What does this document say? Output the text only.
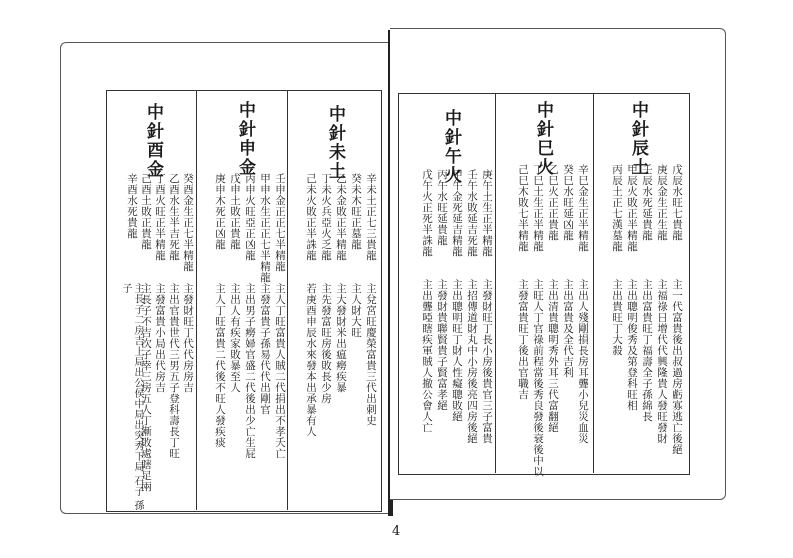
中針未土
辛未土正七三貴龍
癸未木旺正墓龍
乙未金敗正半精龍
丁未火兵亞火乏龍
己未火敗正半誅龍
主兌宮旺慶榮富貴三代出刺史
主人財大旺
主大發財米出瘟癆疾暴
主先發富旺房後敗長少房
若庚酉申辰水來發本出承暴有人
中針申金
壬申金正正七半精龍
甲申水生正正七半精龍
丙申火旺亞正凶龍
戊申土敗正貴龍
庚申木死正凶龍
主人丁旺富貴人賊二代捐出不孝夭亡
主發富貴子孫易代代出剛官
主出男子癆婦官盛二代後出少亡生屁
主出人有疾家敗暴至人
主人丁旺富貴二代後不旺人發疾痰
中針酉金
癸酉金生正七半精龍
乙酉水生半吉死龍
丁酉火旺正半精龍
己酉土敗正貴龍
辛酉水死貴龍
主發財旺丁代代房房吉
主出官貴世代三男五子登科壽長丁旺
主發富貴小局出代房吉
主長子不吉次子幸三房五人丁漸敗處瞎足兩
主長子二房吉上局出公侯中局出突秀下局 石子 孫子
中針辰土
戊辰水旺七貴龍
庚辰金生正生龍
壬辰水死延貴龍
甲辰火敗正半精龍
丙辰土正七漢墓龍
主一代富貴後出叔過房虧寡逃亡後絕
主福祿日增代代興隆貴人發旺發財
主出富貴旺丁福壽全子孫綿長
主出聰明俊秀及第登科旺相
主出貴旺丁大殺
中針巳火
辛巳金生正半精龍
癸巳水旺延凶龍
乙巳火正正貴龍
丁巳土生正半精龍
己巳木敗七半精龍
主出人殘剛損長房耳聾小兒災血災
主出富貴及全代吉利
主出清貴聰明秀外耳三代富翻絕
主旺人丁官祿前程當後秀良發後衰後中以
主發富貴旺丁後出官職吉
中針午火
庚午土生正半精龍
壬午水敗延吉死龍
甲午金死延吉精龍
丙午水旺延貴龍
戊午火正死半誅龍
主發財旺丁長小房後貴官三子富貴
主招傳道財丸中小房後亮四房後絕
主出聰明旺丁財人性癡聰敗絕
主發財貴聯賢貴子賢富孝絕
主出聾啞瞎疾軍賊人撤公會人亡
4
